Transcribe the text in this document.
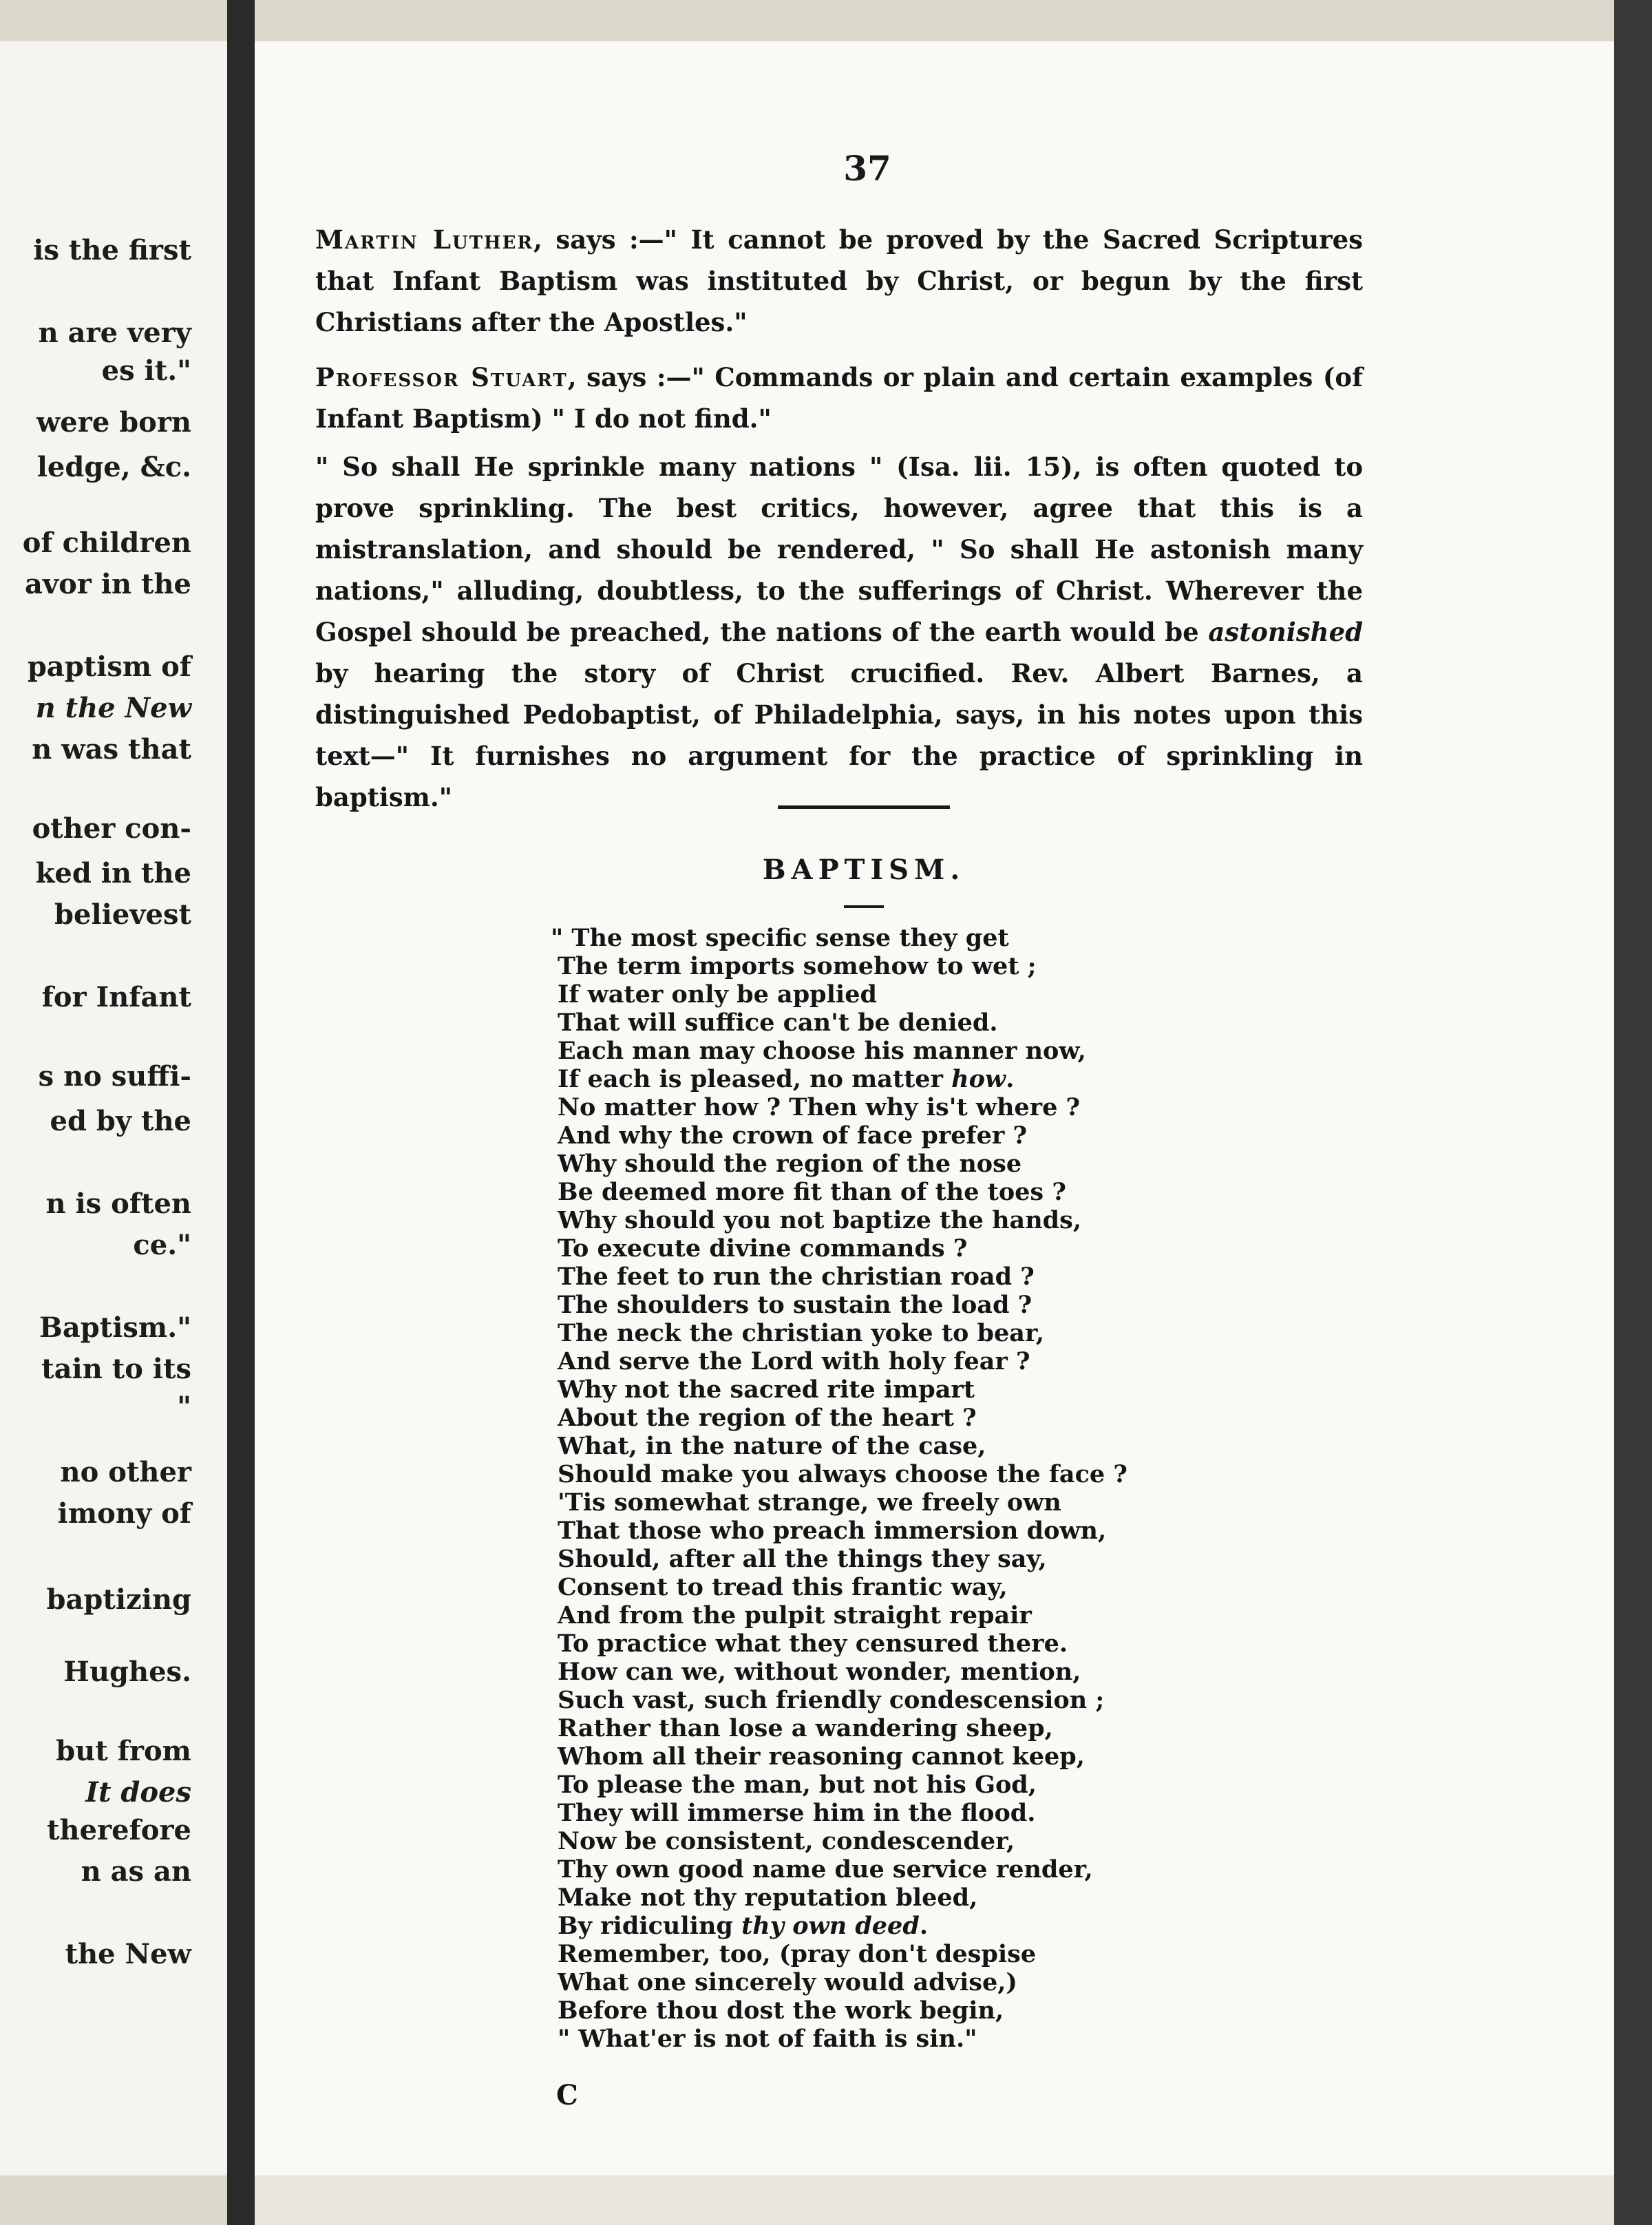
is the first
n are very
es it."
were born
ledge, &c.
of children
avor in the
paptism of
n the New
n was that
other con-
ked in the
believest
for Infant
s no suffi-
ed by the
n is often
ce."
Baptism."
tain to its
"
no other
imony of
baptizing
Hughes.
but from
It does
therefore
n as an
the New
37

Martin Luther, says :—" It cannot be proved by the Sacred Scriptures that Infant Baptism was instituted by Christ, or begun by the first Christians after the Apostles."

Professor Stuart, says :—" Commands or plain and certain examples (of Infant Baptism) " I do not find."

" So shall He sprinkle many nations " (Isa. lii. 15), is often quoted to prove sprinkling. The best critics, however, agree that this is a mistranslation, and should be rendered, " So shall He astonish many nations," alluding, doubtless, to the sufferings of Christ. Wherever the Gospel should be preached, the nations of the earth would be astonished by hearing the story of Christ crucified. Rev. Albert Barnes, a distinguished Pedobaptist, of Philadelphia, says, in his notes upon this text—" It furnishes no argument for the practice of sprinkling in baptism."

BAPTISM.
" The most specific sense they get
The term imports somehow to wet ;
If water only be applied
That will suffice can't be denied.
Each man may choose his manner now,
If each is pleased, no matter how.
No matter how ? Then why is't where ?
And why the crown of face prefer ?
Why should the region of the nose
Be deemed more fit than of the toes ?
Why should you not baptize the hands,
To execute divine commands ?
The feet to run the christian road ?
The shoulders to sustain the load ?
The neck the christian yoke to bear,
And serve the Lord with holy fear ?
Why not the sacred rite impart
About the region of the heart ?
What, in the nature of the case,
Should make you always choose the face ?
'Tis somewhat strange, we freely own
That those who preach immersion down,
Should, after all the things they say,
Consent to tread this frantic way,
And from the pulpit straight repair
To practice what they censured there.
How can we, without wonder, mention,
Such vast, such friendly condescension ;
Rather than lose a wandering sheep,
Whom all their reasoning cannot keep,
To please the man, but not his God,
They will immerse him in the flood.
Now be consistent, condescender,
Thy own good name due service render,
Make not thy reputation bleed,
By ridiculing thy own deed.
Remember, too, (pray don't despise
What one sincerely would advise,)
Before thou dost the work begin,
" What'er is not of faith is sin."
C
